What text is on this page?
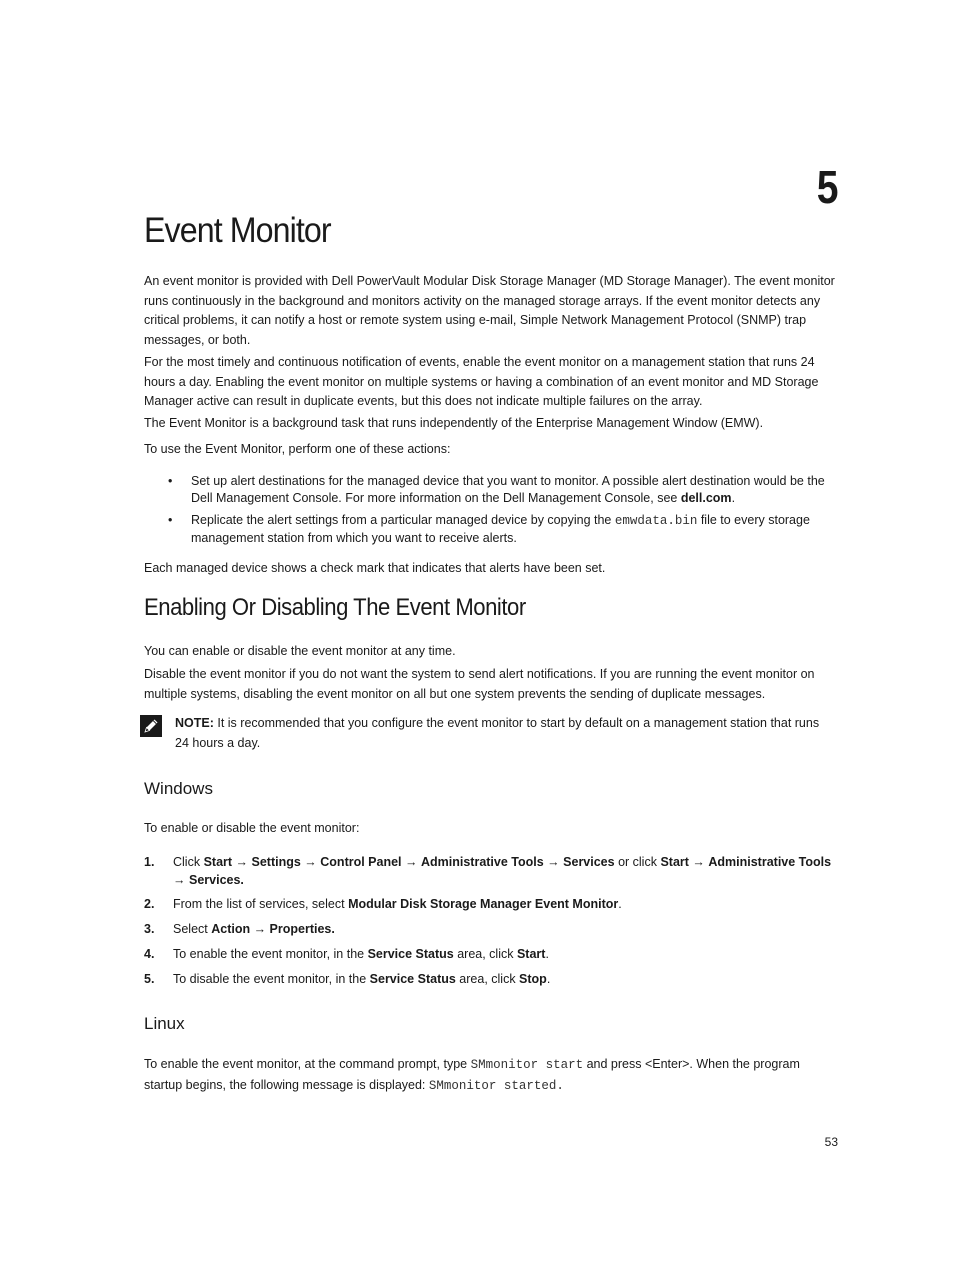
5
Event Monitor

An event monitor is provided with Dell PowerVault Modular Disk Storage Manager (MD Storage Manager). The event monitor runs continuously in the background and monitors activity on the managed storage arrays. If the event monitor detects any critical problems, it can notify a host or remote system using e-mail, Simple Network Management Protocol (SNMP) trap messages, or both.

For the most timely and continuous notification of events, enable the event monitor on a management station that runs 24 hours a day. Enabling the event monitor on multiple systems or having a combination of an event monitor and MD Storage Manager active can result in duplicate events, but this does not indicate multiple failures on the array.

The Event Monitor is a background task that runs independently of the Enterprise Management Window (EMW).

To use the Event Monitor, perform one of these actions:

• Set up alert destinations for the managed device that you want to monitor. A possible alert destination would be the Dell Management Console. For more information on the Dell Management Console, see dell.com.
• Replicate the alert settings from a particular managed device by copying the emwdata.bin file to every storage management station from which you want to receive alerts.

Each managed device shows a check mark that indicates that alerts have been set.

Enabling Or Disabling The Event Monitor

You can enable or disable the event monitor at any time.

Disable the event monitor if you do not want the system to send alert notifications. If you are running the event monitor on multiple systems, disabling the event monitor on all but one system prevents the sending of duplicate messages.

NOTE: It is recommended that you configure the event monitor to start by default on a management station that runs 24 hours a day.
Windows

To enable or disable the event monitor:

1. Click Start → Settings → Control Panel → Administrative Tools → Services or click Start → Administrative Tools → Services.
2. From the list of services, select Modular Disk Storage Manager Event Monitor.
3. Select Action → Properties.
4. To enable the event monitor, in the Service Status area, click Start.
5. To disable the event monitor, in the Service Status area, click Stop.
Linux

To enable the event monitor, at the command prompt, type SMmonitor start and press <Enter>. When the program startup begins, the following message is displayed: SMmonitor started.

53
